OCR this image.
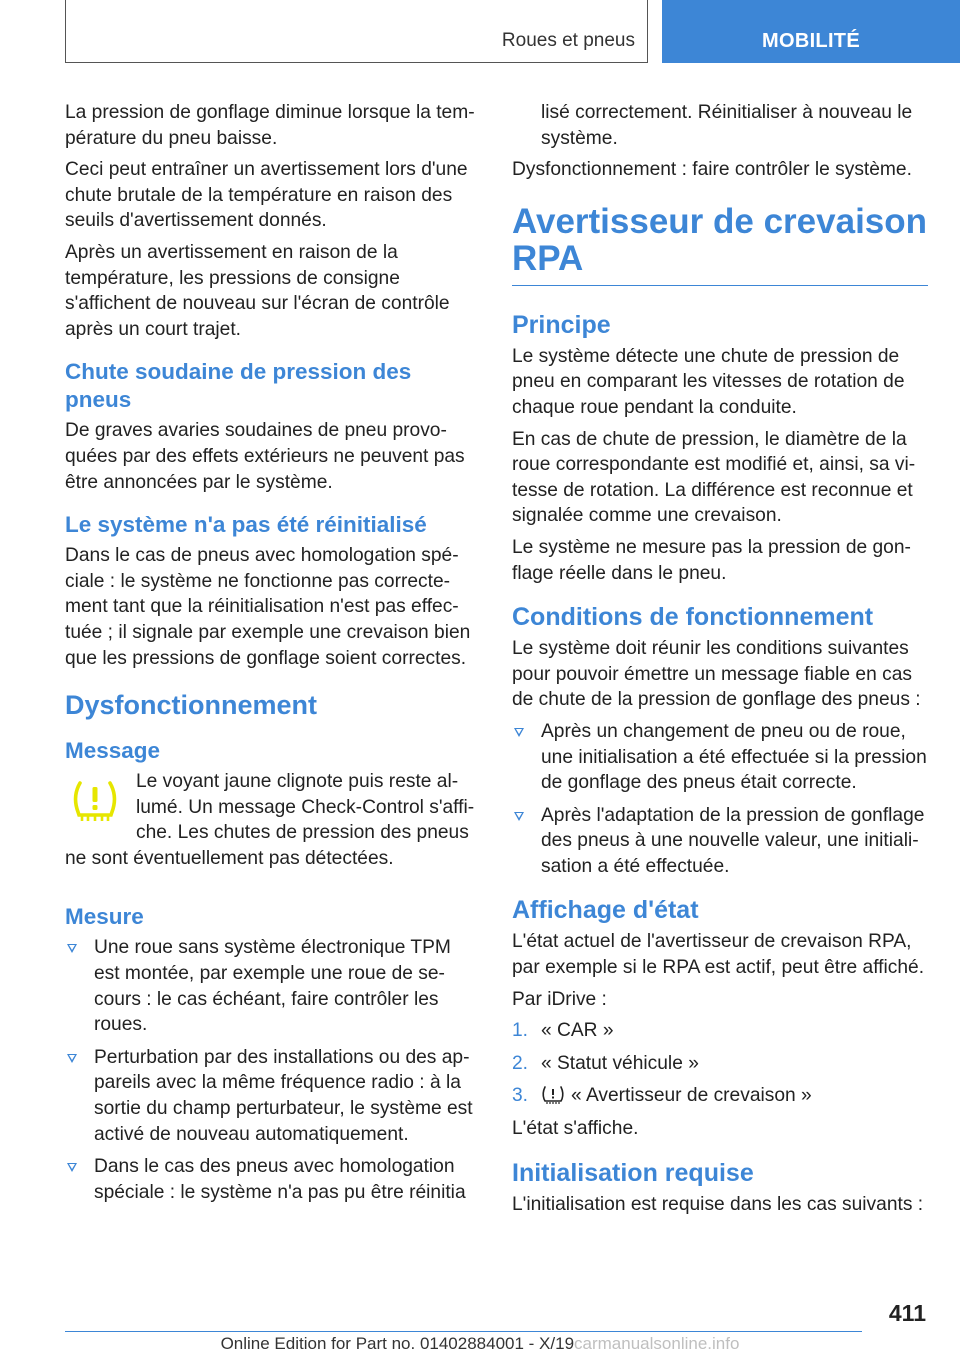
Roues et pneus	MOBILITÉ

La pression de gonflage diminue lorsque la température du pneu baisse.

Ceci peut entraîner un avertissement lors d'une chute brutale de la température en raison des seuils d'avertissement donnés.

Après un avertissement en raison de la température, les pressions de consigne s'affichent de nouveau sur l'écran de contrôle après un court trajet.

Chute soudaine de pression des pneus

De graves avaries soudaines de pneu provoquées par des effets extérieurs ne peuvent pas être annoncées par le système.

Le système n'a pas été réinitialisé

Dans le cas de pneus avec homologation spéciale : le système ne fonctionne pas correctement tant que la réinitialisation n'est pas effectuée ; il signale par exemple une crevaison bien que les pressions de gonflage soient correctes.

Dysfonctionnement
Message

Le voyant jaune clignote puis reste allumé. Un message Check-Control s'affiche. Les chutes de pression des pneus ne sont éventuellement pas détectées.

Mesure
Une roue sans système électronique TPM est montée, par exemple une roue de secours : le cas échéant, faire contrôler les roues.
Perturbation par des installations ou des appareils avec la même fréquence radio : à la sortie du champ perturbateur, le système est activé de nouveau automatiquement.
Dans le cas des pneus avec homologation spéciale : le système n'a pas pu être réinitia

lisé correctement. Réinitialiser à nouveau le système.

Dysfonctionnement : faire contrôler le système.

Avertisseur de crevaison RPA
Principe

Le système détecte une chute de pression de pneu en comparant les vitesses de rotation de chaque roue pendant la conduite.

En cas de chute de pression, le diamètre de la roue correspondante est modifié et, ainsi, sa vitesse de rotation. La différence est reconnue et signalée comme une crevaison.

Le système ne mesure pas la pression de gonflage réelle dans le pneu.

Conditions de fonctionnement

Le système doit réunir les conditions suivantes pour pouvoir émettre un message fiable en cas de chute de la pression de gonflage des pneus :

Après un changement de pneu ou de roue, une initialisation a été effectuée si la pression de gonflage des pneus était correcte.
Après l'adaptation de la pression de gonflage des pneus à une nouvelle valeur, une initialisation a été effectuée.
Affichage d'état

L'état actuel de l'avertisseur de crevaison RPA, par exemple si le RPA est actif, peut être affiché.

Par iDrive :

1. « CAR »
2. « Statut véhicule »
3. « Avertisseur de crevaison »

L'état s'affiche.

Initialisation requise

L'initialisation est requise dans les cas suivants :

411
Online Edition for Part no. 01402884001 - X/19carmanualsonline.info
